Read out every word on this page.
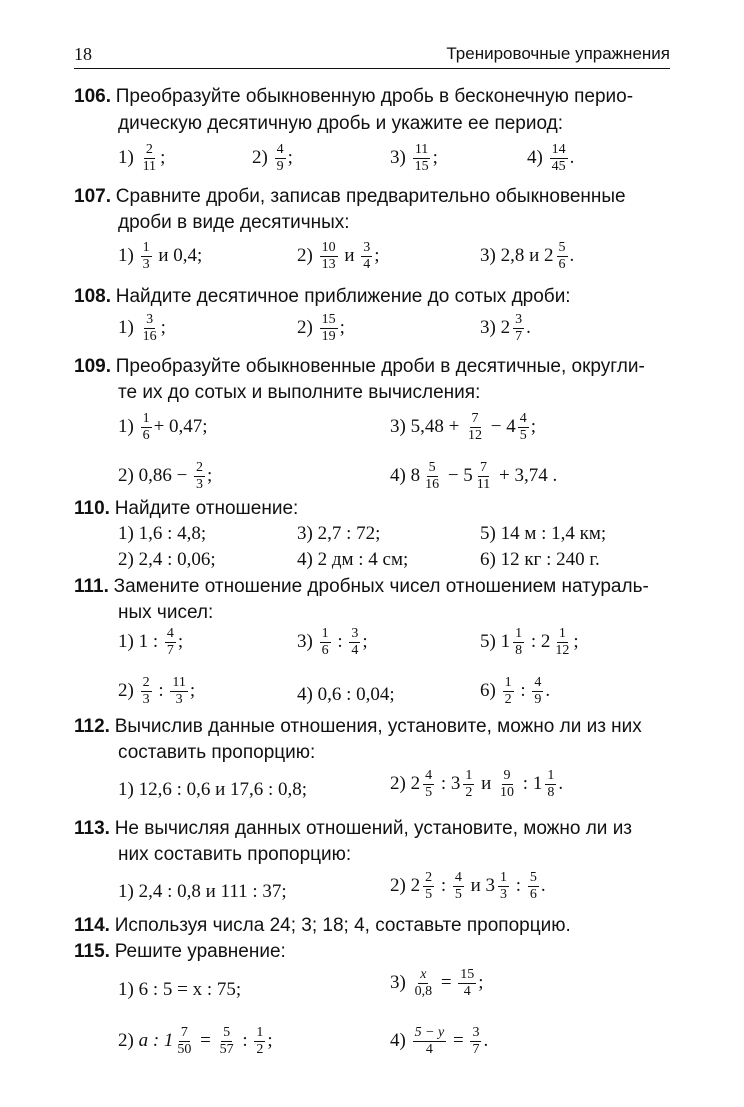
18	Тренировочные упражнения
106. Преобразуйте обыкновенную дробь в бесконечную перио-
дическую десятичную дробь и укажите ее период:
$1) \frac{2}{11}$ ;	$2) \frac{4}{9}$ ;	$3) \frac{11}{15}$ ;	$4) \frac{14}{45}$ .
107. Сравните дроби, записав предварительно обыкновенные
дроби в виде десятичных:
$1) \frac{1}{3}$ и 0,4;	$2) \frac{10}{13}$ и $\frac{3}{4}$ ;	3) 2,8 и $2 \frac{5}{6}$ .
108. Найдите десятичное приближение до сотых дроби:
$1) \frac{3}{16}$ ;	$2) \frac{15}{19}$ ;	3) $2 \frac{3}{7}$ .
109. Преобразуйте обыкновенные дроби в десятичные, округли-
те их до сотых и выполните вычисления:
$1) \frac{1}{6} + 0,47$;	3) $5,48 + \frac{7}{12} - 4 \frac{4}{5}$ ;
2) $0,86 - \frac{2}{3}$ ;	4) $8 \frac{5}{16} - 5 \frac{7}{11} + 3,74$ .
110. Найдите отношение:
1) 1,6 : 4,8;	3) 2,7 : 72;	5) 14 м : 1,4 км;
2) 2,4 : 0,06;	4) 2 дм : 4 см;	6) 12 кг : 240 г.
111. Замените отношение дробных чисел отношением натураль-
ных чисел:
1) 1 : $\frac{4}{7}$ ;	$3) \frac{1}{6}$ : $\frac{3}{4}$ ;	5) $1 \frac{1}{8}$ : $2 \frac{1}{12}$ ;
$2) \frac{2}{3}$ : $\frac{11}{3}$ ;	4) 0,6 : 0,04;	$6) \frac{1}{2}$ : $\frac{4}{9}$ .
112. Вычислив данные отношения, установите, можно ли из них
составить пропорцию:
1) 12,6 : 0,6 и 17,6 : 0,8;	2) $2 \frac{4}{5}$ : $3 \frac{1}{2}$ и $\frac{9}{10}$ : $1 \frac{1}{8}$ .
113. Не вычисляя данных отношений, установите, можно ли из
них составить пропорцию:
1) 2,4 : 0,8 и 111 : 37;	2) $2 \frac{2}{5}$ : $\frac{4}{5}$ и $3 \frac{1}{3}$ : $\frac{5}{6}$ .
114. Используя числа 24; 3; 18; 4, составьте пропорцию.
115. Решите уравнение:
1) 6 : 5 = x : 75;	$3) \frac{x}{0,8} = \frac{15}{4}$ ;
2) a : $1 \frac{7}{50} = \frac{5}{57}$ : $\frac{1}{2}$ ;	$4) \frac{5 - y}{4} = \frac{3}{7}$ .
